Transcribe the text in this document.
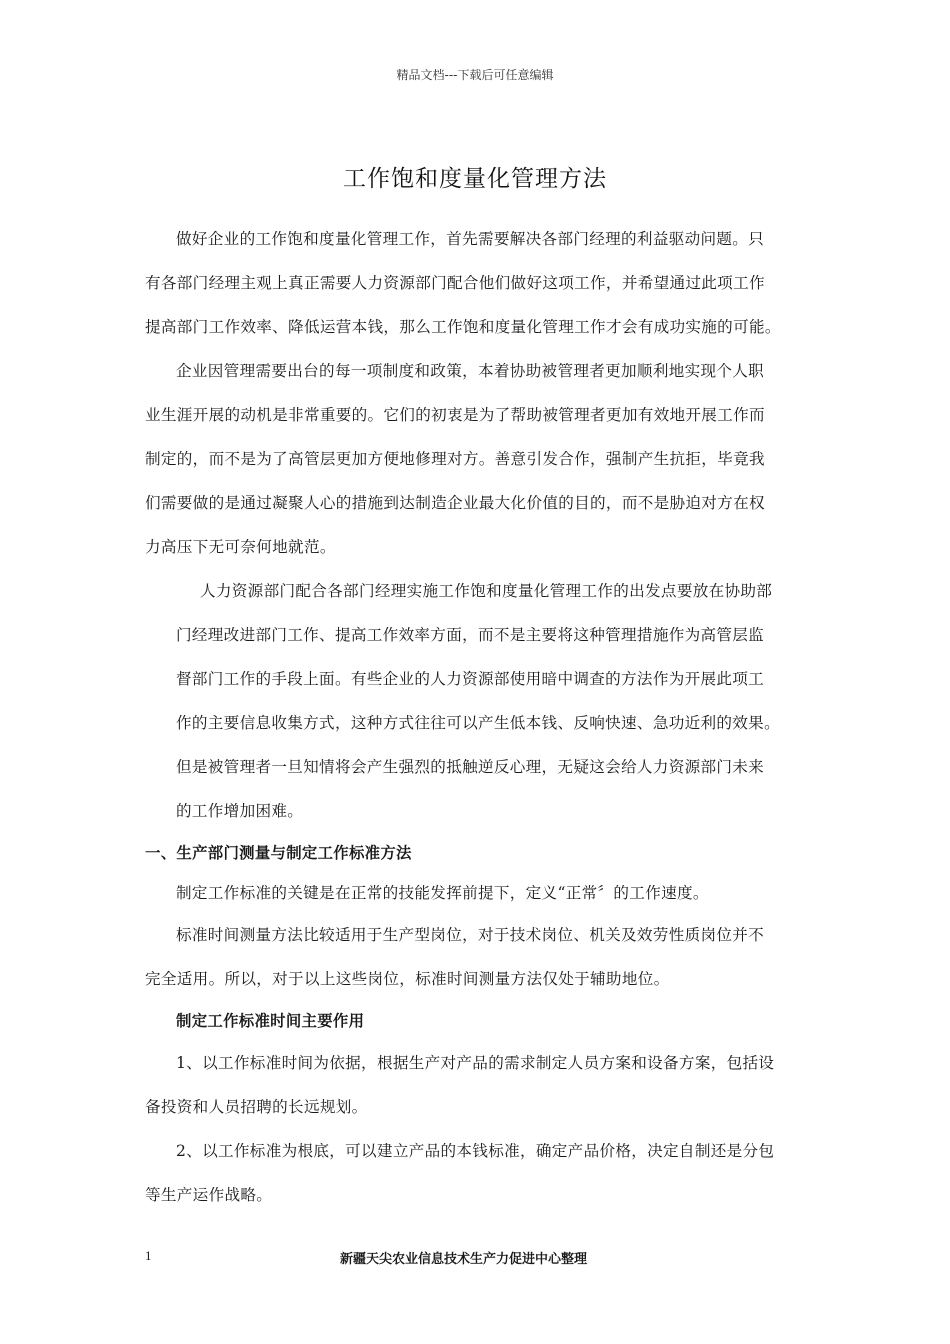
精品文档---下载后可任意编辑
工作饱和度量化管理方法
做好企业的工作饱和度量化管理工作，首先需要解决各部门经理的利益驱动问题。只
有各部门经理主观上真正需要人力资源部门配合他们做好这项工作，并希望通过此项工作
提高部门工作效率、降低运营本钱，那么工作饱和度量化管理工作才会有成功实施的可能。
企业因管理需要出台的每一项制度和政策，本着协助被管理者更加顺利地实现个人职
业生涯开展的动机是非常重要的。它们的初衷是为了帮助被管理者更加有效地开展工作而
制定的，而不是为了高管层更加方便地修理对方。善意引发合作，强制产生抗拒，毕竟我
们需要做的是通过凝聚人心的措施到达制造企业最大化价值的目的，而不是胁迫对方在权
力高压下无可奈何地就范。
人力资源部门配合各部门经理实施工作饱和度量化管理工作的出发点要放在协助部
门经理改进部门工作、提高工作效率方面，而不是主要将这种管理措施作为高管层监
督部门工作的手段上面。有些企业的人力资源部使用暗中调查的方法作为开展此项工
作的主要信息收集方式，这种方式往往可以产生低本钱、反响快速、急功近利的效果。
但是被管理者一旦知情将会产生强烈的抵触逆反心理，无疑这会给人力资源部门未来
的工作增加困难。
一、生产部门测量与制定工作标准方法
制定工作标准的关键是在正常的技能发挥前提下，定义“正常〞的工作速度。
标准时间测量方法比较适用于生产型岗位，对于技术岗位、机关及效劳性质岗位并不
完全适用。所以，对于以上这些岗位，标准时间测量方法仅处于辅助地位。
制定工作标准时间主要作用
1、以工作标准时间为依据，根据生产对产品的需求制定人员方案和设备方案，包括设
备投资和人员招聘的长远规划。
2、以工作标准为根底，可以建立产品的本钱标准，确定产品价格，决定自制还是分包
等生产运作战略。
1	新疆天尖农业信息技术生产力促进中心整理
